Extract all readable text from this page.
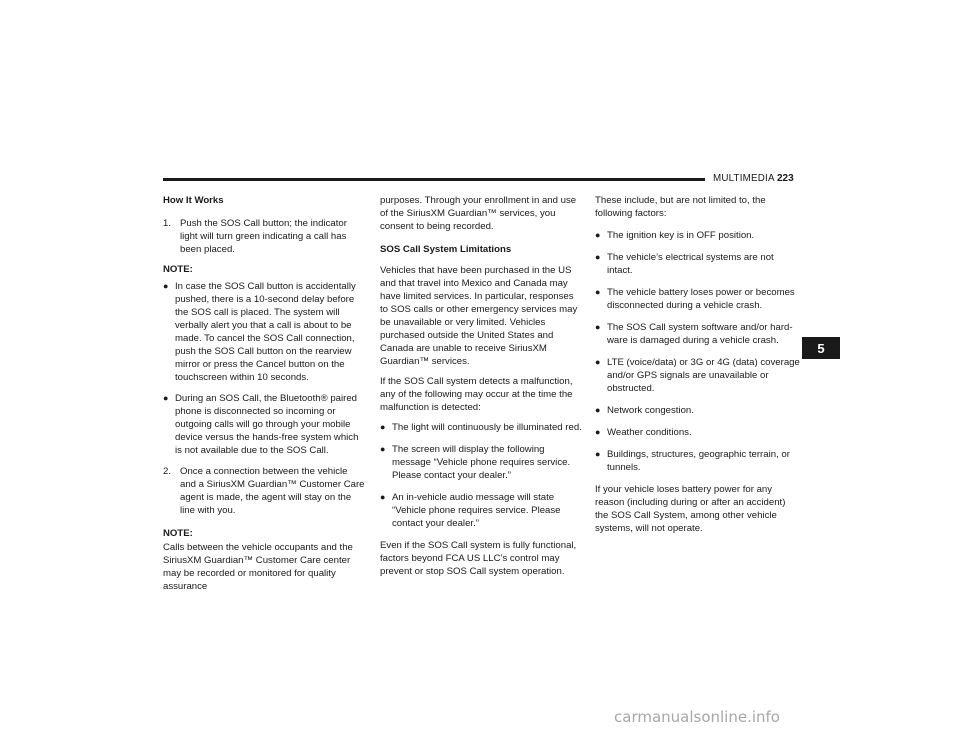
MULTIMEDIA 223
5

How It Works

1. Push the SOS Call button; the indicator light will turn green indicating a call has been placed.

NOTE:

● In case the SOS Call button is accidentally pushed, there is a 10-second delay before the SOS call is placed. The system will verbally alert you that a call is about to be made. To cancel the SOS Call connection, push the SOS Call button on the rearview mirror or press the Cancel button on the touchscreen within 10 seconds.
● During an SOS Call, the Bluetooth® paired phone is disconnected so incoming or outgoing calls will go through your mobile device versus the hands-free system which is not available due to the SOS Call.
2. Once a connection between the vehicle and a SiriusXM Guardian™ Customer Care agent is made, the agent will stay on the line with you.

NOTE:

Calls between the vehicle occupants and the SiriusXM Guardian™ Customer Care center may be recorded or monitored for quality assurance

purposes. Through your enrollment in and use of the SiriusXM Guardian™ services, you consent to being recorded.

SOS Call System Limitations

Vehicles that have been purchased in the US and that travel into Mexico and Canada may have limited services. In particular, responses to SOS calls or other emergency services may be unavailable or very limited. Vehicles purchased outside the United States and Canada are unable to receive SiriusXM Guardian™ services.

If the SOS Call system detects a malfunction, any of the following may occur at the time the malfunction is detected:

● The light will continuously be illuminated red.
● The screen will display the following message “Vehicle phone requires service. Please contact your dealer.”
● An in-vehicle audio message will state “Vehicle phone requires service. Please contact your dealer.”

Even if the SOS Call system is fully functional, factors beyond FCA US LLC’s control may prevent or stop SOS Call system operation.

These include, but are not limited to, the following factors:

● The ignition key is in OFF position.
● The vehicle’s electrical systems are not intact.
● The vehicle battery loses power or becomes disconnected during a vehicle crash.
● The SOS Call system software and/or hard-ware is damaged during a vehicle crash.
● LTE (voice/data) or 3G or 4G (data) coverage and/or GPS signals are unavailable or obstructed.
● Network congestion.
● Weather conditions.
● Buildings, structures, geographic terrain, or tunnels.

If your vehicle loses battery power for any reason (including during or after an accident) the SOS Call System, among other vehicle systems, will not operate.

carmanualsonline.info
